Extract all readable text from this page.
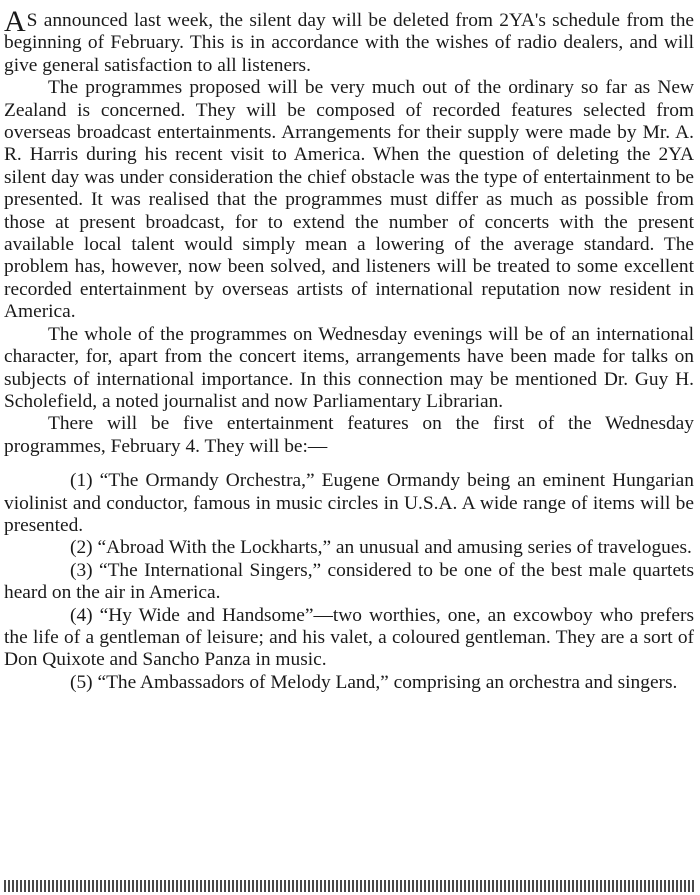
A S announced last week, the silent day will be deleted from 2YA's schedule from the beginning of February. This is in accordance with the wishes of radio dealers, and will give general satisfaction to all listeners.

The programmes proposed will be very much out of the ordinary so far as New Zealand is concerned. They will be composed of recorded features selected from overseas broadcast entertainments. Arrangements for their supply were made by Mr. A. R. Harris during his recent visit to America. When the question of deleting the 2YA silent day was under consideration the chief obstacle was the type of entertainment to be presented. It was realised that the programmes must differ as much as possible from those at present broadcast, for to extend the number of concerts with the present available local talent would simply mean a lowering of the average standard. The problem has, however, now been solved, and listeners will be treated to some excellent recorded entertainment by overseas artists of international reputation now resident in America.

The whole of the programmes on Wednesday evenings will be of an international character, for, apart from the concert items, arrangements have been made for talks on subjects of international importance. In this connection may be mentioned Dr. Guy H. Scholefield, a noted journalist and now Parliamentary Librarian.

There will be five entertainment features on the first of the Wednesday programmes, February 4. They will be:—

(1) “The Ormandy Orchestra,” Eugene Ormandy being an eminent Hungarian violinist and conductor, famous in music circles in U.S.A. A wide range of items will be presented.

(2) “Abroad With the Lockharts,” an unusual and amusing series of travelogues.

(3) “The International Singers,” considered to be one of the best male quartets heard on the air in America.

(4) “Hy Wide and Handsome”—two worthies, one, an excowboy who prefers the life of a gentleman of leisure; and his valet, a coloured gentleman. They are a sort of Don Quixote and Sancho Panza in music.

(5) “The Ambassadors of Melody Land,” comprising an orchestra and singers.
